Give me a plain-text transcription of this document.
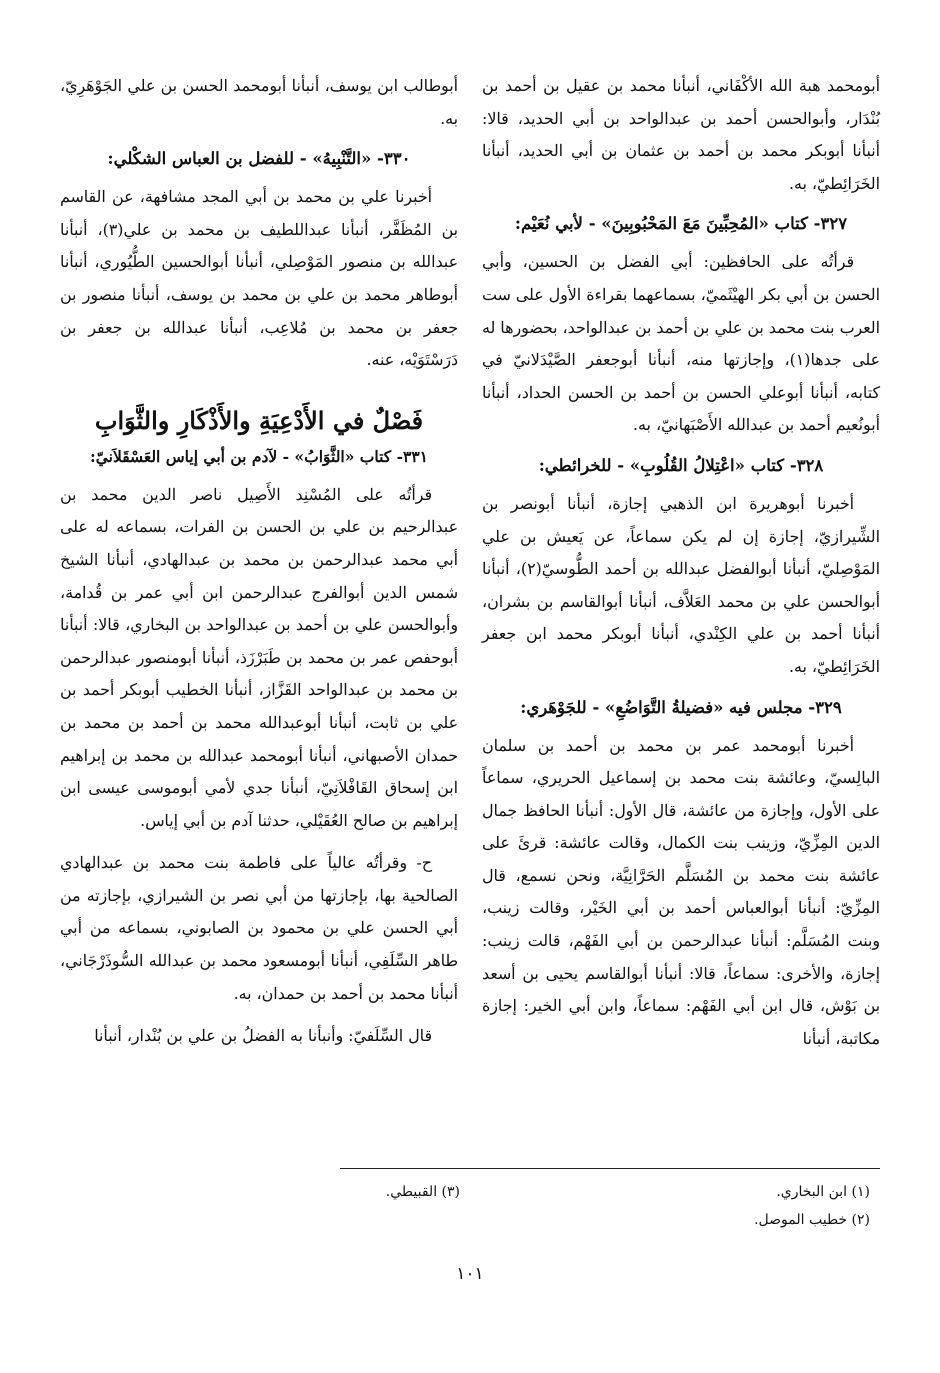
أبومحمد هبة الله الأكْفَاني، أنبأنا محمد بن عقيل بن أحمد بن بُنْدَار، وأبوالحسن أحمد بن عبدالواحد بن أبي الحديد، قالا: أنبأنا أبوبكر محمد بن أحمد بن عثمان بن أبي الحديد، أنبأنا الخَرَائِطيّ، به.

٣٢٧- كتاب «المُحِبِّينَ مَعَ المَحْبُوبِينَ» - لأبي نُعَيْم:

قرأتُه على الحافظين: أبي الفضل بن الحسين، وأبي الحسن بن أبي بكر الهيْثَميّ، بسماعهما بقراءة الأول على ست العرب بنت محمد بن علي بن أحمد بن عبدالواحد، بحضورها له على جدها(١)، وإجازتها منه، أنبأنا أبوجعفر الصَّيْدَلانيّ في كتابه، أنبأنا أبوعلي الحسن بن أحمد بن الحسن الحداد، أنبأنا أبونُعيم أحمد بن عبدالله الأَصْبَهانيّ، به.

٣٢٨- كتاب «اعْتِلالُ القُلُوبِ» - للخرائطي:

أخبرنا أبوهريرة ابن الذهبي إجازة، أنبأنا أبونصر بن الشِّيرازيّ، إجازة إن لم يكن سماعاً، عن يَعيش بن علي المَوْصِليّ، أنبأنا أبوالفضل عبدالله بن أحمد الطُّوسيّ(٢)، أنبأنا أبوالحسن علي بن محمد العَلاَّف، أنبأنا أبوالقاسم بن بشران، أنبأنا أحمد بن علي الكِنْدي، أنبأنا أبوبكر محمد ابن جعفر الخَرَائِطيّ، به.

٣٢٩- مجلس فيه «فضيلةُ التَّوَاضُعِ» - للجَوْهَري:

أخبرنا أبومحمد عمر بن محمد بن أحمد بن سلمان البالِسيّ، وعائشة بنت محمد بن إسماعيل الحريري، سماعاً على الأول، وإجازة من عائشة، قال الأول: أنبأنا الحافظ جمال الدين المِزِّيّ، وزينب بنت الكمال، وقالت عائشة: قرئَ على عائشة بنت محمد بن المُسَلَّم الحَرَّانِيَّة، ونحن نسمع، قال المِزِّيّ: أنبأنا أبوالعباس أحمد بن أبي الخَيْر، وقالت زينب، وبنت المُسَلَّم: أنبأنا عبدالرحمن بن أبي الفَهْم، قالت زينب: إجازة، والأخرى: سماعاً، قالا: أنبأنا أبوالقاسم يحيى بن أسعد بن بَوْش، قال ابن أبي الفَهْم: سماعاً، وابن أبي الخير: إجازة مكاتبة، أنبأنا

أبوطالب ابن يوسف، أنبأنا أبومحمد الحسن بن علي الجَوْهَرِيّ، به.

٣٣٠- «التَّنْبِيهُ» - للفضل بن العباس الشكْلي:

أخبرنا علي بن محمد بن أبي المجد مشافهة، عن القاسم بن المُظَفَّر، أنبأنا عبداللطيف بن محمد بن علي(٣)، أنبأنا عبدالله بن منصور المَوْصِلي، أنبأنا أبوالحسين الطُّيُوري، أنبأنا أبوطاهر محمد بن علي بن محمد بن يوسف، أنبأنا منصور بن جعفر بن محمد بن مُلاعِب، أنبأنا عبدالله بن جعفر بن دَرَسْتَوَيْه، عنه.

فَصْلٌ في الأَدْعِيَةِ والأَذْكَارِ والثَّوَابِ
٣٣١- كتاب «الثَّوَابُ» - لآدم بن أبي إياس العَسْقَلاَنيّ:

قرأتُه على المُسْنِد الأَصِيل ناصر الدين محمد بن عبدالرحيم بن علي بن الحسن بن الفرات، بسماعه له على أبي محمد عبدالرحمن بن محمد بن عبدالهادي، أنبأنا الشيخ شمس الدين أبوالفرج عبدالرحمن ابن أبي عمر بن قُدامة، وأبوالحسن علي بن أحمد بن عبدالواحد بن البخاري، قالا: أنبأنا أبوحفص عمر بن محمد بن طَبَرْزَذ، أنبأنا أبومنصور عبدالرحمن بن محمد بن عبدالواحد القَزَّاز، أنبأنا الخطيب أبوبكر أحمد بن علي بن ثابت، أنبأنا أبوعبدالله محمد بن أحمد بن محمد بن حمدان الأصبهاني، أنبأنا أبومحمد عبدالله بن محمد بن إبراهيم ابن إسحاق القَافْلاَنِيّ، أنبأنا جدي لأمي أبوموسى عيسى ابن إبراهيم بن صالح العُقَيْلي، حدثنا آدم بن أبي إياس.

ح- وقرأتُه عالياً على فاطمة بنت محمد بن عبدالهادي الصالحية بها، بإجازتها من أبي نصر بن الشيرازي، بإجازته من أبي الحسن علي بن محمود بن الصابوني، بسماعه من أبي طاهر السِّلَفِي، أنبأنا أبومسعود محمد بن عبدالله السُّوذَرْجَاني، أنبأنا محمد بن أحمد بن حمدان، به.

قال السِّلَفيّ: وأنبأنا به الفضلُ بن علي بن بُنْدار، أنبأنا

(١) ابن البخاري.
(٢) خطيب الموصل.
(٣) القبيطي.
١٠١
